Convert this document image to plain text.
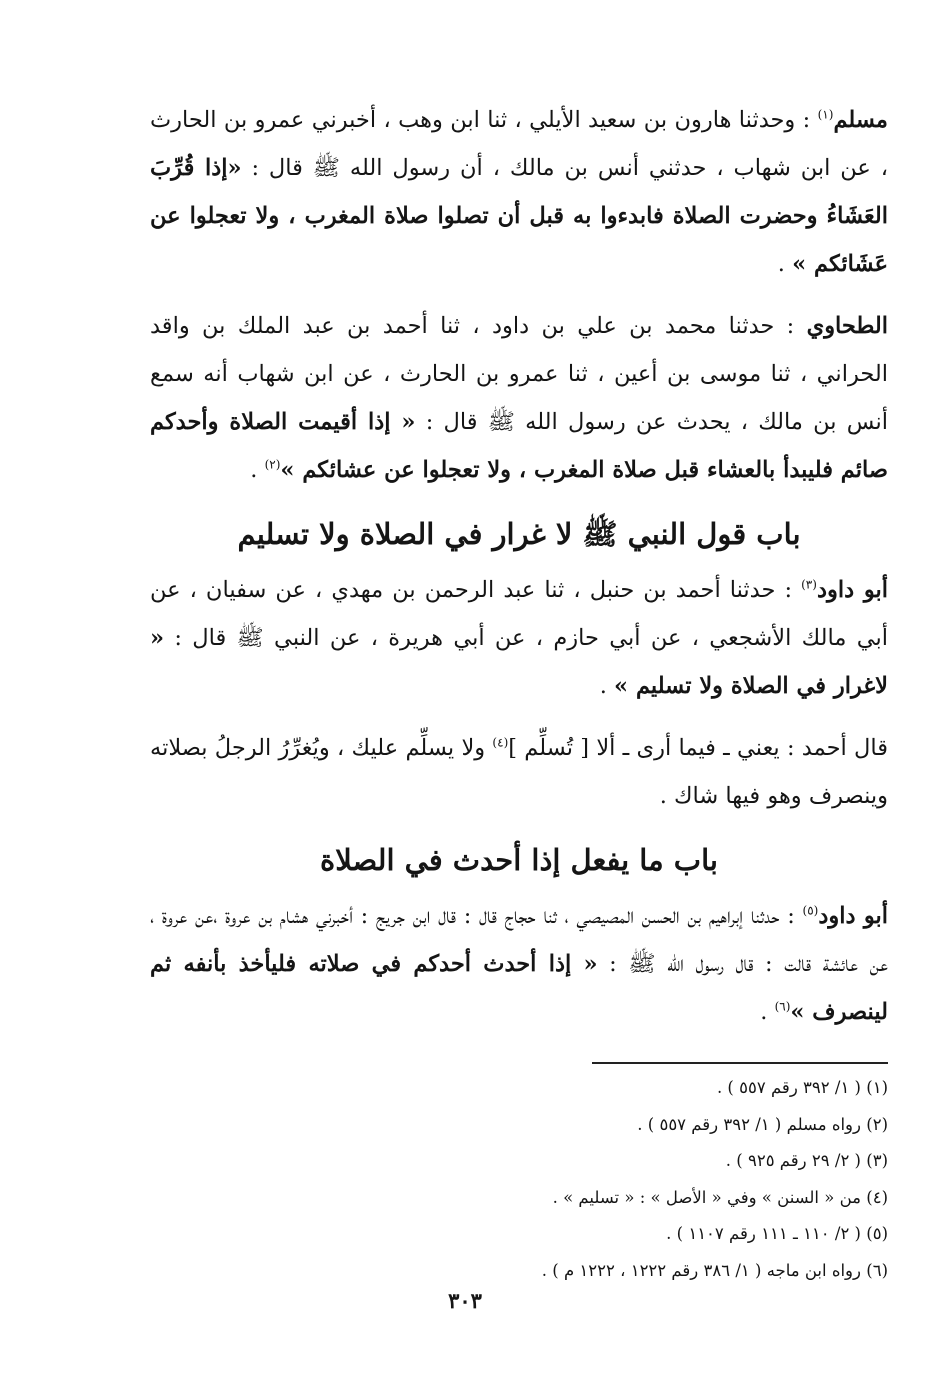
مسلم$^{(١)}$ : وحدثنا هارون بن سعيد الأيلي ، ثنا ابن وهب ، أخبرني عمرو بن الحارث ، عن ابن شهاب ، حدثني أنس بن مالك ، أن رسول الله ﷺ قال : «إذا قُرِّبَ العَشَاءُ وحضرت الصلاة فابدءوا به قبل أن تصلوا صلاة المغرب ، ولا تعجلوا عن عَشَائكم » .

الطحاوي : حدثنا محمد بن علي بن داود ، ثنا أحمد بن عبد الملك بن واقد الحراني ، ثنا موسى بن أعين ، ثنا عمرو بن الحارث ، عن ابن شهاب أنه سمع أنس بن مالك ، يحدث عن رسول الله ﷺ قال : « إذا أقيمت الصلاة وأحدكم صائم فليبدأ بالعشاء قبل صلاة المغرب ، ولا تعجلوا عن عشائكم »$^{(٢)}$ .

باب قول النبي ﷺ لا غرار في الصلاة ولا تسليم

أبو داود$^{(٣)}$ : حدثنا أحمد بن حنبل ، ثنا عبد الرحمن بن مهدي ، عن سفيان ، عن أبي مالك الأشجعي ، عن أبي حازم ، عن أبي هريرة ، عن النبي ﷺ قال : « لاغرار في الصلاة ولا تسليم » .

قال أحمد : يعني ـ فيما أرى ـ ألا [ تُسلِّم ]$^{(٤)}$ ولا يسلِّم عليك ، ويُغرِّرُ الرجلُ بصلاته وينصرف وهو فيها شاك .

باب ما يفعل إذا أحدث في الصلاة

أبو داود$^{(٥)}$ : حدثنا إبراهيم بن الحسن المصيصي ، ثنا حجاج قال : قال ابن جريج : أخبرني هشام بن عروة ،عن عروة ، عن عائشة قالت : قال رسول الله ﷺ : « إذا أحدث أحدكم في صلاته فليأخذ بأنفه ثم لينصرف »$^{(٦)}$ .

(١) ( ١/ ٣٩٢ رقم ٥٥٧ ) .
(٢) رواه مسلم ( ١/ ٣٩٢ رقم ٥٥٧ ) .
(٣) ( ٢/ ٢٩ رقم ٩٢٥ ) .
(٤) من « السنن » وفي « الأصل » : « تسليم » .
(٥) ( ٢/ ١١٠ ـ ١١١ رقم ١١٠٧ ) .
(٦) رواه ابن ماجه ( ١/ ٣٨٦ رقم ١٢٢٢ ، ١٢٢٢ م ) .
٣٠٣
